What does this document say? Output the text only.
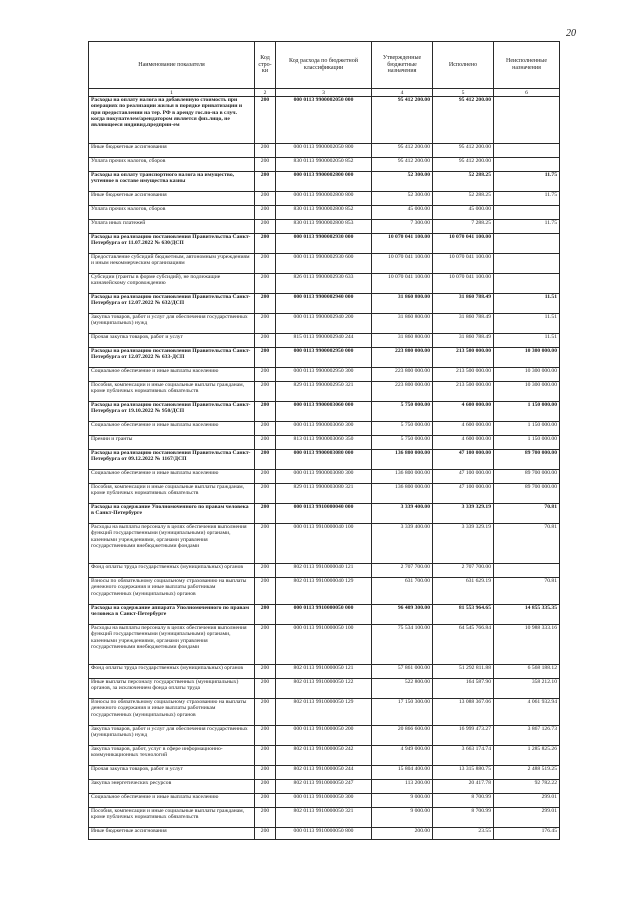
20
Наименование показателя	Код стро-ки	Код расхода по бюджетной классификации	Утвержденные бюджетные назначения	Исполнено	Неисполненные назначения
1	2	3	4	5	6
Расходы на оплату налога на добавленную стоимость при операциях по реализации жилья в порядке приватизации и при предоставлении на тер. РФ в аренду гос.по-на в случ. когда покупателем/арендатором является физ.лицо, не являющееся индивид.предприн-ем	200	000 0113 9900002050 000	95 412 200.00	95 412 200.00	
Иные бюджетные ассигнования	200	000 0113 9900002050 800	95 412 200.00	95 412 200.00	
Уплата прочих налогов, сборов	200	830 0113 9900002050 852	95 412 200.00	95 412 200.00	
Расходы на оплату транспортного налога на имущество, учтенное в составе имущества казны	200	000 0113 9900002800 000	52 300.00	52 288.25	11.75
Иные бюджетные ассигнования	200	000 0113 9900002800 800	52 300.00	52 288.25	11.75
Уплата прочих налогов, сборов	200	830 0113 9900002800 852	45 000.00	45 000.00	
Уплата иных платежей	200	830 0113 9900002800 853	7 300.00	7 288.25	11.75
Расходы на реализацию постановления Правительства Санкт-Петербурга от 11.07.2022 № 630/ДСП	200	000 0113 9900002930 000	10 070 041 100.00	10 070 041 100.00	
Предоставление субсидий бюджетным, автономным учреждениям и иным некоммерческим организациям	200	000 0113 9900002930 600	10 070 041 100.00	10 070 041 100.00	
Субсидии (гранты в форме субсидий), не подлежащие казначейскому сопровождению	200	826 0113 9900002930 633	10 070 041 100.00	10 070 041 100.00	
Расходы на реализацию постановления Правительства Санкт-Петербурга от 12.07.2022 № 632/ДСП	200	000 0113 9900002940 000	31 860 800.00	31 860 788.49	11.51
Закупка товаров, работ и услуг для обеспечения государственных (муниципальных) нужд	200	000 0113 9900002940 200	31 860 800.00	31 860 788.49	11.51
Прочая закупка товаров, работ и услуг	200	815 0113 9900002940 244	31 860 800.00	31 860 788.49	11.51
Расходы на реализацию постановления Правительства Санкт-Петербурга от 12.07.2022 № 633-ДСП	200	000 0113 9900002950 000	223 800 000.00	213 500 000.00	10 300 000.00
Социальное обеспечение и иные выплаты населению	200	000 0113 9900002950 300	223 800 000.00	213 500 000.00	10 300 000.00
Пособия, компенсации и иные социальные выплаты гражданам, кроме публичных нормативных обязательств	200	829 0113 9900002950 321	223 800 000.00	213 500 000.00	10 300 000.00
Расходы на реализацию постановления Правительства Санкт-Петербурга от 19.10.2022 № 950/ДСП	200	000 0113 9900003060 000	5 750 000.00	4 600 000.00	1 150 000.00
Социальное обеспечение и иные выплаты населению	200	000 0113 9900003060 300	5 750 000.00	4 600 000.00	1 150 000.00
Премии и гранты	200	813 0113 9900003060 350	5 750 000.00	4 600 000.00	1 150 000.00
Расходы на реализацию постановления Правительства Санкт-Петербурга от 09.12.2022 № 1167/ДСП	200	000 0113 9900003080 000	136 800 000.00	47 100 000.00	89 700 000.00
Социальное обеспечение и иные выплаты населению	200	000 0113 9900003080 300	136 800 000.00	47 100 000.00	89 700 000.00
Пособия, компенсации и иные социальные выплаты гражданам, кроме публичных нормативных обязательств	200	829 0113 9900003080 321	136 800 000.00	47 100 000.00	89 700 000.00
Расходы на содержание Уполномоченного по правам человека в Санкт-Петербурге	200	000 0113 9910000040 000	3 339 400.00	3 339 329.19	70.81
Расходы на выплаты персоналу в целях обеспечения выполнения функций государственными (муниципальными) органами, казенными учреждениями, органами управления государственными внебюджетными фондами	200	000 0113 9910000040 100	3 339 400.00	3 339 329.19	70.81
Фонд оплаты труда государственных (муниципальных) органов	200	802 0113 9910000040 121	2 707 700.00	2 707 700.00	
Взносы по обязательному социальному страхованию на выплаты денежного содержания и иные выплаты работникам государственных (муниципальных) органов	200	802 0113 9910000040 129	631 700.00	631 629.19	70.81
Расходы на содержание аппарата Уполномоченного по правам человека в Санкт-Петербурге	200	000 0113 9910000050 000	96 409 300.00	81 553 964.65	14 855 335.35
Расходы на выплаты персоналу в целях обеспечения выполнения функций государственными (муниципальными) органами, казенными учреждениями, органами управления государственными внебюджетными фондами	200	000 0113 9910000050 100	75 534 100.00	64 545 766.84	10 988 333.16
Фонд оплаты труда государственных (муниципальных) органов	200	802 0113 9910000050 121	57 861 000.00	51 292 811.88	6 568 188.12
Иные выплаты персоналу государственных (муниципальных) органов, за исключением фонда оплаты труда	200	802 0113 9910000050 122	522 800.00	164 587.90	358 212.10
Взносы по обязательному социальному страхованию на выплаты денежного содержания и иные выплаты работникам государственных (муниципальных) органов	200	802 0113 9910000050 129	17 150 300.00	13 088 367.06	4 061 932.94
Закупка товаров, работ и услуг для обеспечения государственных (муниципальных) нужд	200	000 0113 9910000050 200	20 866 600.00	16 999 473.27	3 867 126.73
Закупка товаров, работ, услуг в сфере информационно-коммуникационных технологий	200	802 0113 9910000050 242	4 949 000.00	3 663 174.74	1 285 825.26
Прочая закупка товаров, работ и услуг	200	802 0113 9910000050 244	15 804 400.00	13 315 880.75	2 488 519.25
Закупка энергетических ресурсов	200	802 0113 9910000050 247	113 200.00	20 417.78	92 782.22
Социальное обеспечение и иные выплаты населению	200	000 0113 9910000050 300	9 000.00	8 700.99	299.01
Пособия, компенсации и иные социальные выплаты гражданам, кроме публичных нормативных обязательств	200	802 0113 9910000050 321	9 000.00	8 700.99	299.01
Иные бюджетные ассигнования	200	000 0113 9910000050 800	200.00	23.55	176.45
